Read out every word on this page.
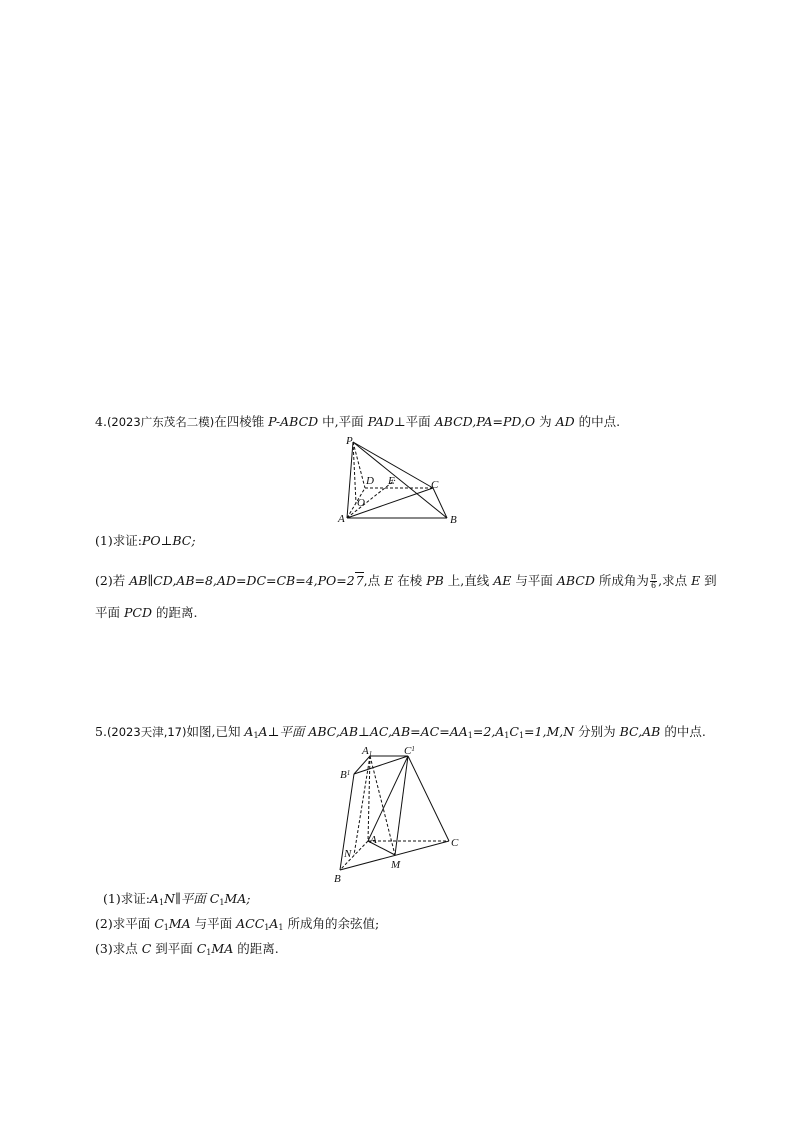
4.(2023广东茂名二模)在四棱锥 P-ABCD 中,平面 PAD⊥平面 ABCD,PA=PD,O 为 AD 的中点.
P
D E	C
O
A	B
(1)求证:PO⊥BC;
(2)若 AB∥CD,AB=8,AD=DC=CB=4,PO=27,点 E 在棱 PB 上,直线 AE 与平面 ABCD 所成角为 $\frac{\pi}{6}$ ,求点 E 到
平面 PCD 的距离.
5.(2023天津,17)如图,已知 $A_1A\perp$平面 $ABC,AB\perp AC,AB=AC=AA_1=2,A_1C_1=1,M,N$ 分别为 BC,AB 的中点.
A1	$C^1$
$B^1$
A
N
M
C
B
(1)求证$:A_1N\parallel$平面 $C_1MA$;
(2)求平面 $C_1MA$ 与平面 $ACC_1A_1$ 所成角的余弦值;
(3)求点 C 到平面 $C_1MA$ 的距离.
